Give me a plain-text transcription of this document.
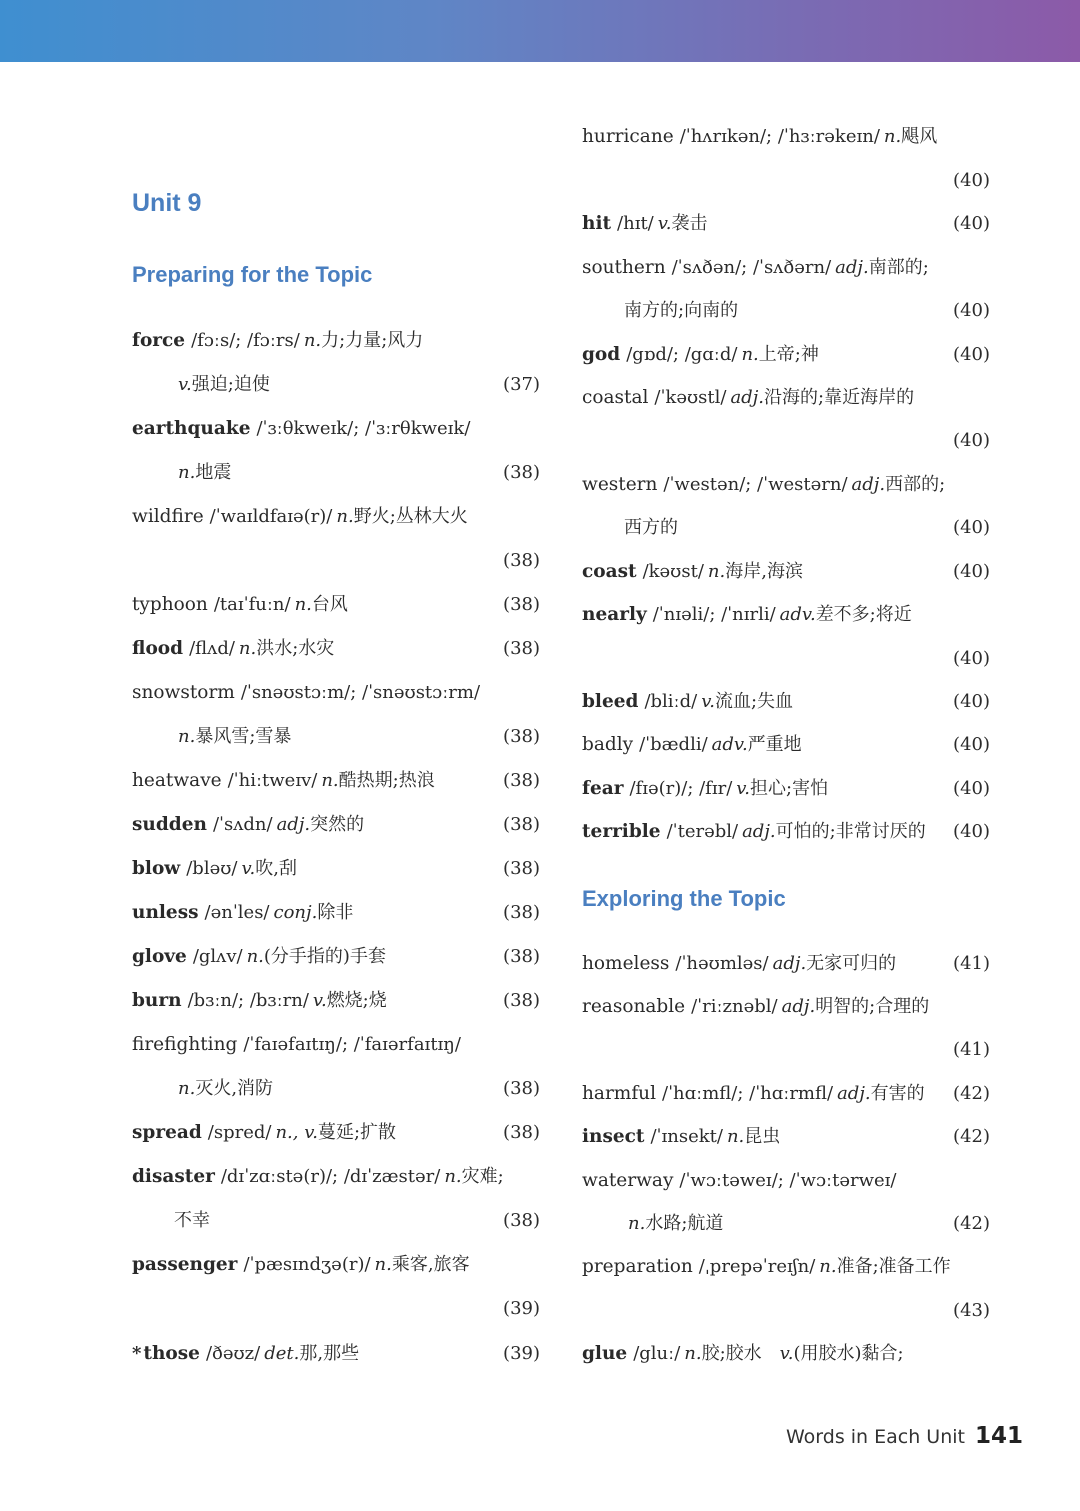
Unit 9
Preparing for the Topic
force /fɔːs/; /fɔːrs/ n.力;力量;风力
v.强迫;迫使	(37)
earthquake /ˈɜːθkweɪk/; /ˈɜːrθkweɪk/
n.地震	(38)
wildfire /ˈwaɪldfaɪə(r)/ n.野火;丛林大火
(38)
typhoon /taɪˈfuːn/ n.台风	(38)
flood /flʌd/ n.洪水;水灾	(38)
snowstorm /ˈsnəʊstɔːm/; /ˈsnəʊstɔːrm/
n.暴风雪;雪暴	(38)
heatwave /ˈhiːtweɪv/ n.酷热期;热浪	(38)
sudden /ˈsʌdn/ adj.突然的	(38)
blow /bləʊ/ v.吹,刮	(38)
unless /ənˈles/ conj.除非	(38)
glove /glʌv/ n.(分手指的)手套	(38)
burn /bɜːn/; /bɜːrn/ v.燃烧;烧	(38)
firefighting /ˈfaɪəfaɪtɪŋ/; /ˈfaɪərfaɪtɪŋ/
n.灭火,消防	(38)
spread /spred/ n., v.蔓延;扩散	(38)
disaster /dɪˈzɑːstə(r)/; /dɪˈzæstər/ n.灾难;
不幸	(38)
passenger /ˈpæsɪndʒə(r)/ n.乘客,旅客
(39)
* those /ðəʊz/ det.那,那些	(39)
Exploring the Topic
hurricane /ˈhʌrɪkən/; /ˈhɜːrəkeɪn/ n.飓风
(40)
hit /hɪt/ v.袭击	(40)
southern /ˈsʌðən/; /ˈsʌðərn/ adj.南部的;
南方的;向南的	(40)
god /gɒd/; /gɑːd/ n.上帝;神	(40)
coastal /ˈkəʊstl/ adj.沿海的;靠近海岸的
(40)
western /ˈwestən/; /ˈwestərn/ adj.西部的;
西方的	(40)
coast /kəʊst/ n.海岸,海滨	(40)
nearly /ˈnɪəli/; /ˈnɪrli/ adv.差不多;将近
(40)
bleed /bliːd/ v.流血;失血	(40)
badly /ˈbædli/ adv.严重地	(40)
fear /fɪə(r)/; /fɪr/ v.担心;害怕	(40)
terrible /ˈterəbl/ adj.可怕的;非常讨厌的 (40)
homeless /ˈhəʊmləs/ adj.无家可归的	(41)
reasonable /ˈriːznəbl/ adj.明智的;合理的
(41)
harmful /ˈhɑːmfl/; /ˈhɑːrmfl/ adj.有害的 (42)
insect /ˈɪnsekt/ n.昆虫	(42)
waterway /ˈwɔːtəweɪ/; /ˈwɔːtərweɪ/
n.水路;航道	(42)
preparation /ˌprepəˈreɪʃn/ n.准备;准备工作
(43)
glue /gluː/ n.胶;胶水 v.(用胶水)黏合;
Words in Each Unit 141
